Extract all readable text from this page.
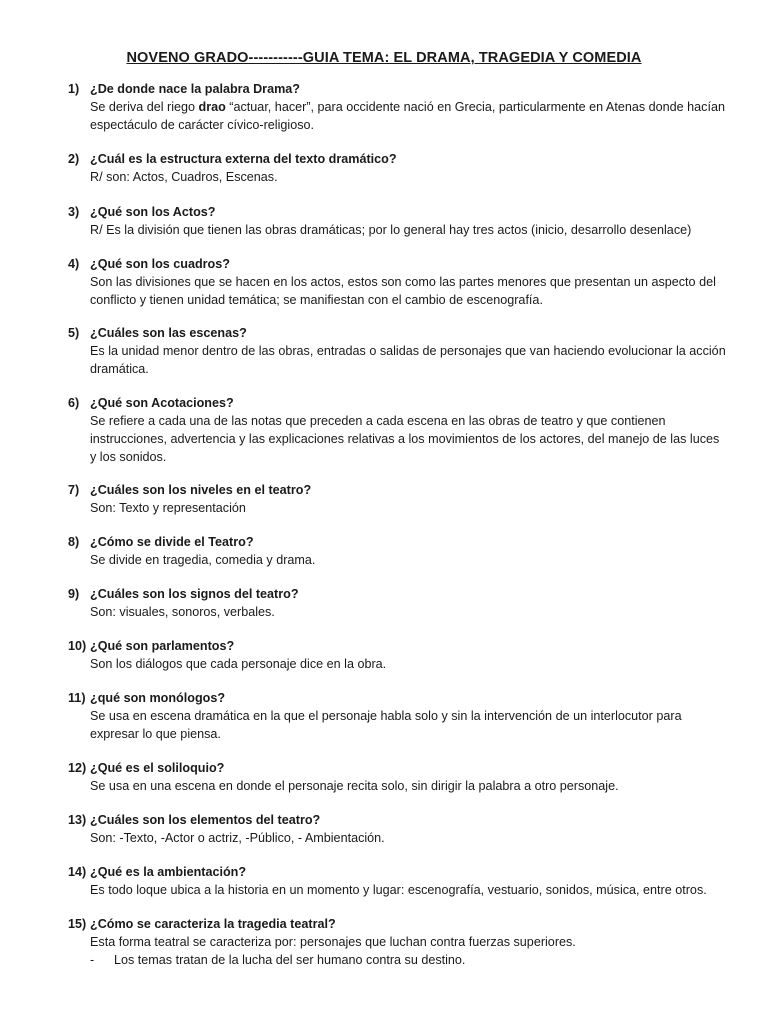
NOVENO GRADO-----------GUIA TEMA: EL DRAMA, TRAGEDIA Y COMEDIA
1) ¿De donde nace la palabra Drama?
Se deriva del riego drao “actuar, hacer”, para occidente nació en Grecia, particularmente en Atenas donde hacían espectáculo de carácter cívico-religioso.
2) ¿Cuál es la estructura externa del texto dramático?
R/ son: Actos, Cuadros, Escenas.
3) ¿Qué son los Actos?
R/ Es la división que tienen las obras dramáticas; por lo general hay tres actos (inicio, desarrollo desenlace)
4) ¿Qué son los cuadros?
Son las divisiones que se hacen en los actos, estos son como las partes menores que presentan un aspecto del conflicto y tienen unidad temática; se manifiestan con el cambio de escenografía.
5) ¿Cuáles son las escenas?
Es la unidad menor dentro de las obras, entradas o salidas de personajes que van haciendo evolucionar la acción dramática.
6) ¿Qué son Acotaciones?
Se refiere a cada una de las notas que preceden a cada escena en las obras de teatro y que contienen instrucciones, advertencia y las explicaciones relativas a los movimientos de los actores, del manejo de las luces y los sonidos.
7) ¿Cuáles son los niveles en el teatro?
Son: Texto y representación
8) ¿Cómo se divide el Teatro?
Se divide en tragedia, comedia y drama.
9) ¿Cuáles son los signos del teatro?
Son: visuales, sonoros, verbales.
10) ¿Qué son parlamentos?
Son los diálogos que cada personaje dice en la obra.
11) ¿qué son monólogos?
Se usa en escena dramática en la que el personaje habla solo y sin la intervención de un interlocutor para expresar lo que piensa.
12) ¿Qué es el soliloquio?
Se usa en una escena en donde el personaje recita solo, sin dirigir la palabra a otro personaje.
13) ¿Cuáles son los elementos del teatro?
Son: -Texto, -Actor o actriz, -Público, - Ambientación.
14) ¿Qué es la ambientación?
Es todo loque ubica a la historia en un momento y lugar: escenografía, vestuario, sonidos, música, entre otros.
15) ¿Cómo se caracteriza la tragedia teatral?
Esta forma teatral se caracteriza por: personajes que luchan contra fuerzas superiores.
- Los temas tratan de la lucha del ser humano contra su destino.
